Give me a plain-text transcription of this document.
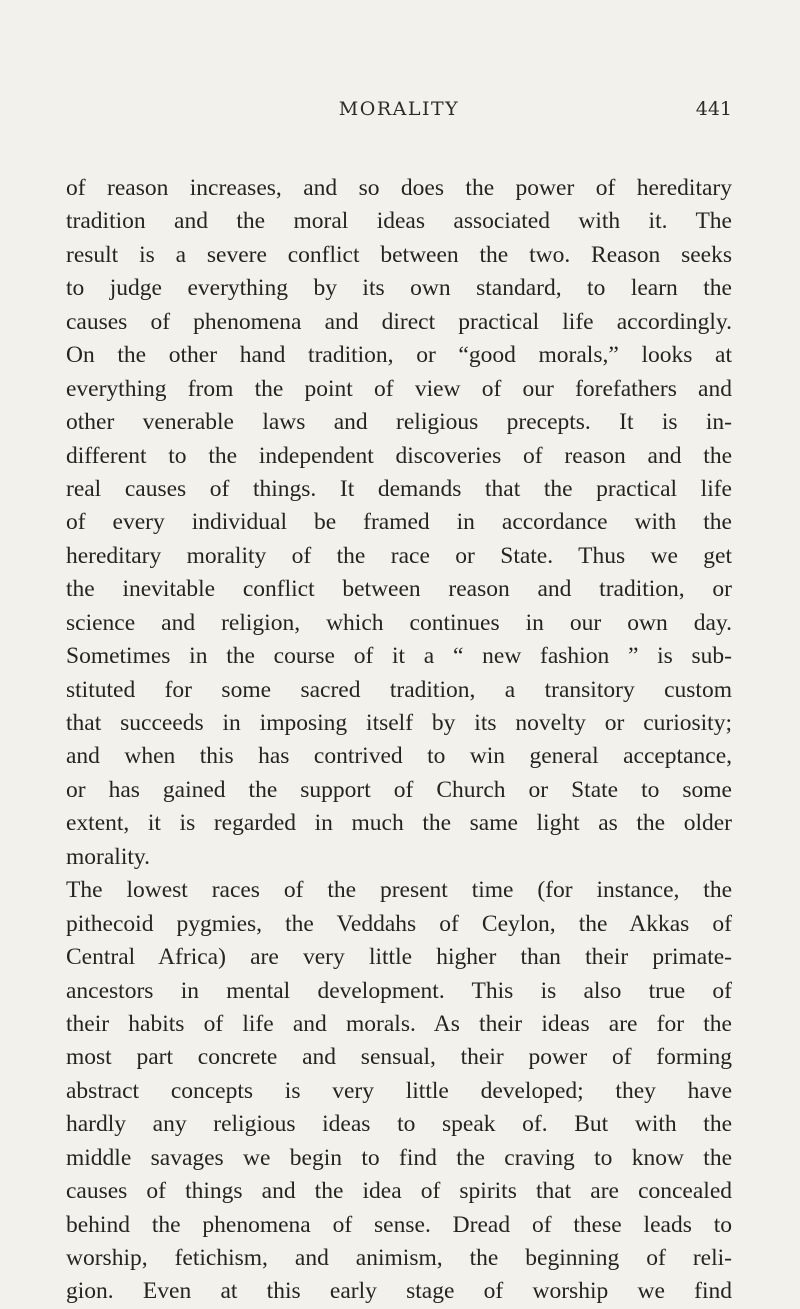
MORALITY	441
of reason increases, and so does the power of hereditary
tradition and the moral ideas associated with it. The
result is a severe conflict between the two. Reason seeks
to judge everything by its own standard, to learn the
causes of phenomena and direct practical life accordingly.
On the other hand tradition, or “good morals,” looks at
everything from the point of view of our forefathers and
other venerable laws and religious precepts. It is in-
different to the independent discoveries of reason and the
real causes of things. It demands that the practical life
of every individual be framed in accordance with the
hereditary morality of the race or State. Thus we get
the inevitable conflict between reason and tradition, or
science and religion, which continues in our own day.
Sometimes in the course of it a “ new fashion ” is sub-
stituted for some sacred tradition, a transitory custom
that succeeds in imposing itself by its novelty or curiosity;
and when this has contrived to win general acceptance,
or has gained the support of Church or State to some
extent, it is regarded in much the same light as the older
morality.
The lowest races of the present time (for instance, the
pithecoid pygmies, the Veddahs of Ceylon, the Akkas of
Central Africa) are very little higher than their primate-
ancestors in mental development. This is also true of
their habits of life and morals. As their ideas are for the
most part concrete and sensual, their power of forming
abstract concepts is very little developed; they have
hardly any religious ideas to speak of. But with the
middle savages we begin to find the craving to know the
causes of things and the idea of spirits that are concealed
behind the phenomena of sense. Dread of these leads to
worship, fetichism, and animism, the beginning of reli-
gion. Even at this early stage of worship we find
